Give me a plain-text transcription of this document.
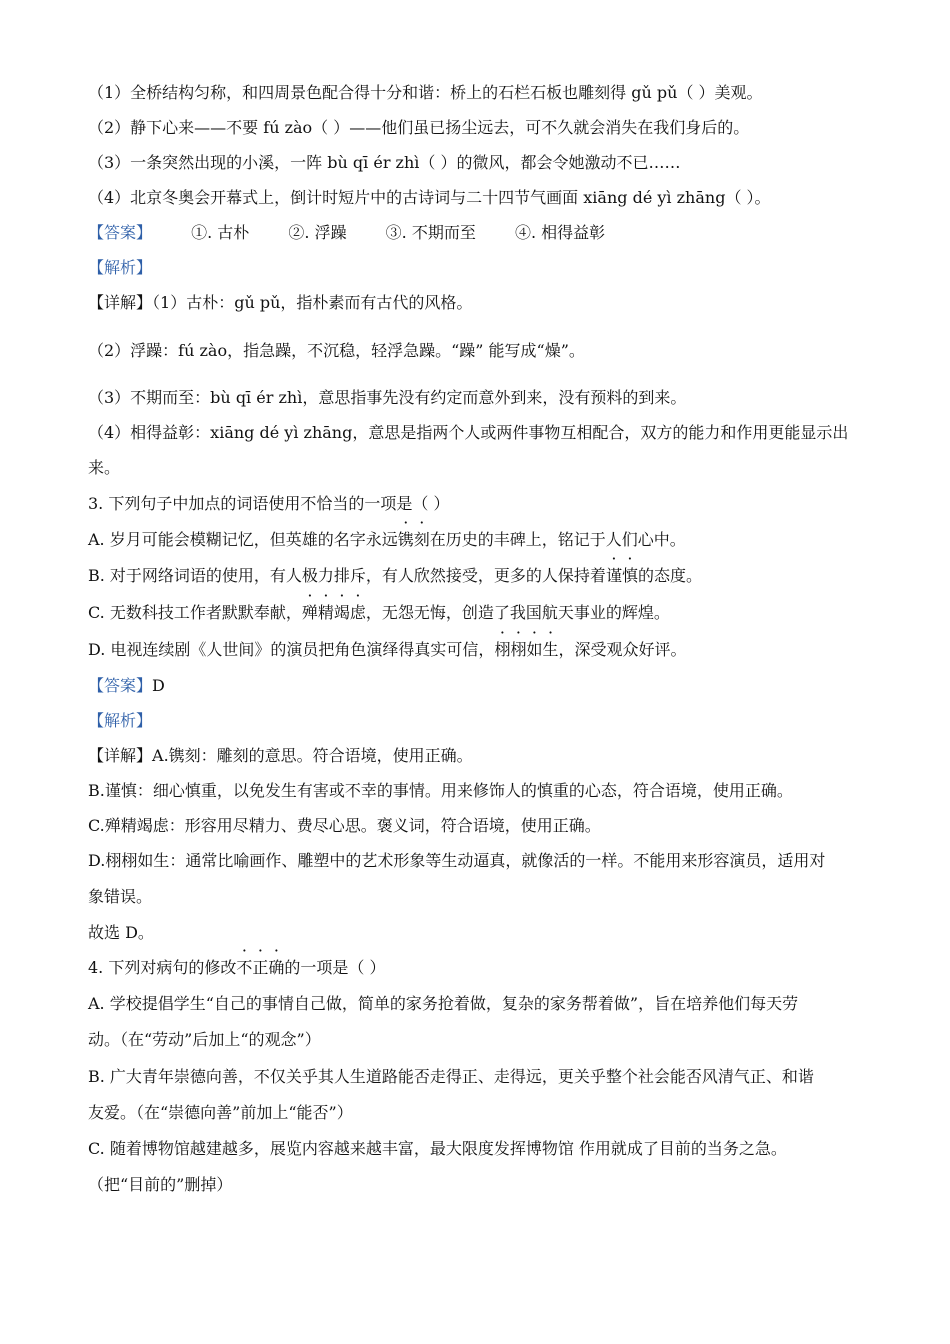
（1）全桥结构匀称，和四周景色配合得十分和谐：桥上的石栏石板也雕刻得 gǔ pǔ（ ）美观。
（2）静下心来——不要 fú zào（ ）——他们虽已扬尘远去，可不久就会消失在我们身后的。
（3）一条突然出现的小溪，一阵 bù qī ér zhì（ ）的微风，都会令她激动不已……
（4）北京冬奥会开幕式上，倒计时短片中的古诗词与二十四节气画面 xiāng dé yì zhāng（ ）。
【答案】 ①. 古朴 ②. 浮躁 ③. 不期而至 ④. 相得益彰
【解析】
【详解】（1）古朴：gǔ pǔ，指朴素而有古代的风格。
（2）浮躁：fú zào，指急躁，不沉稳，轻浮急躁。“躁” 能写成“燥”。
（3）不期而至：bù qī ér zhì，意思指事先没有约定而意外到来，没有预料的到来。
（4）相得益彰：xiāng dé yì zhāng，意思是指两个人或两件事物互相配合，双方的能力和作用更能显示出
来。
3. 下列句子中加点的词语使用不恰当的一项是（ ）
A. 岁月可能会模糊记忆，但英雄的名字永远镌刻在历史的丰碑上，铭记于人们心中。
B. 对于网络词语的使用，有人极力排斥，有人欣然接受，更多的人保持着谨慎的态度。
C. 无数科技工作者默默奉献，殚精竭虑，无怨无悔，创造了我国航天事业的辉煌。
D. 电视连续剧《人世间》的演员把角色演绎得真实可信，栩栩如生，深受观众好评。
【答案】D
【解析】
【详解】A.镌刻：雕刻的意思。符合语境，使用正确。
B.谨慎：细心慎重，以免发生有害或不幸的事情。用来修饰人的慎重的心态，符合语境，使用正确。
C.殚精竭虑：形容用尽精力、费尽心思。褒义词，符合语境，使用正确。
D.栩栩如生：通常比喻画作、雕塑中的艺术形象等生动逼真，就像活的一样。不能用来形容演员，适用对
象错误。
故选 D。
4. 下列对病句的修改不正确的一项是（ ）
A. 学校提倡学生“自己的事情自己做，简单的家务抢着做，复杂的家务帮着做”，旨在培养他们每天劳
动。（在“劳动”后加上“的观念”）
B. 广大青年崇德向善，不仅关乎其人生道路能否走得正、走得远，更关乎整个社会能否风清气正、和谐
友爱。（在“崇德向善”前加上“能否”）
C. 随着博物馆越建越多，展览内容越来越丰富，最大限度发挥博物馆 作用就成了目前的当务之急。
（把“目前的”删掉）
